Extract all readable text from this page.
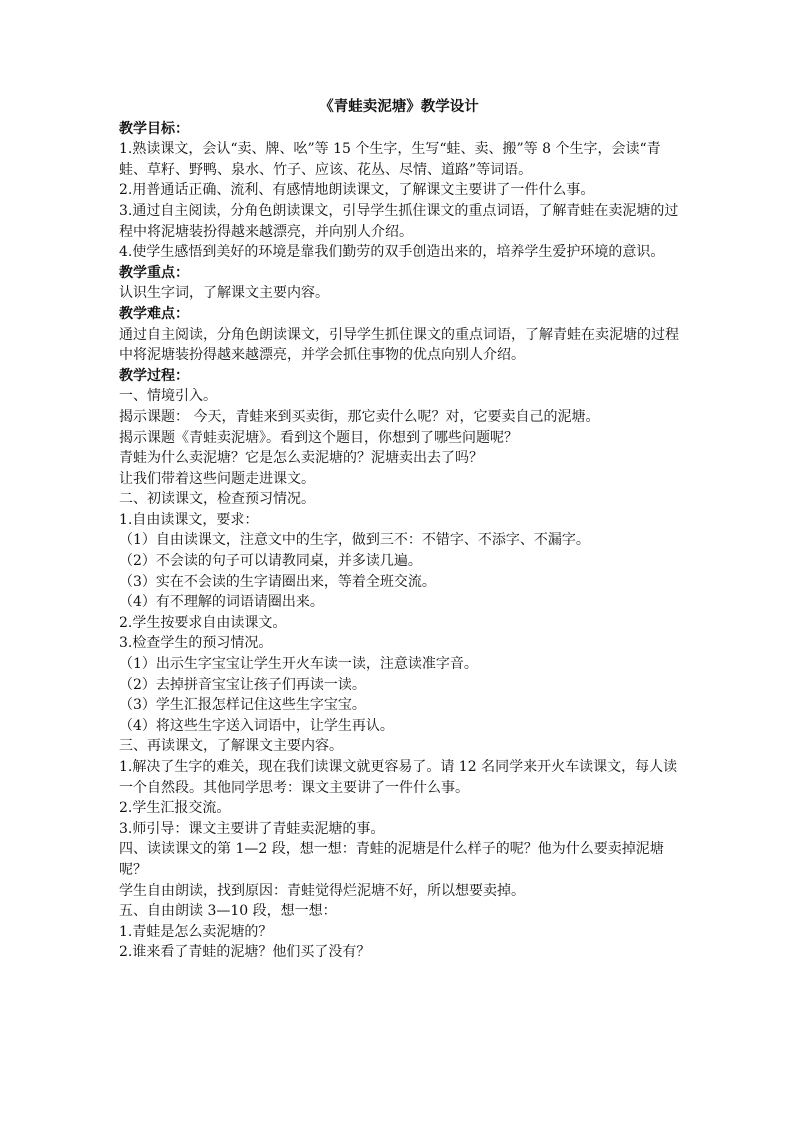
《青蛙卖泥塘》教学设计

教学目标：

1.熟读课文，会认“卖、牌、吆”等 15 个生字，生写“蛙、卖、搬”等 8 个生字，会读“青蛙、草籽、野鸭、泉水、竹子、应该、花丛、尽情、道路”等词语。

2.用普通话正确、流利、有感情地朗读课文，了解课文主要讲了一件什么事。

3.通过自主阅读，分角色朗读课文，引导学生抓住课文的重点词语，了解青蛙在卖泥塘的过程中将泥塘装扮得越来越漂亮，并向别人介绍。

4.使学生感悟到美好的环境是靠我们勤劳的双手创造出来的，培养学生爱护环境的意识。

教学重点：

认识生字词，了解课文主要内容。

教学难点：

通过自主阅读，分角色朗读课文，引导学生抓住课文的重点词语，了解青蛙在卖泥塘的过程中将泥塘装扮得越来越漂亮，并学会抓住事物的优点向别人介绍。

教学过程：

一、情境引入。

揭示课题： 今天，青蛙来到买卖街，那它卖什么呢？对，它要卖自己的泥塘。

揭示课题《青蛙卖泥塘》。看到这个题目，你想到了哪些问题呢？

青蛙为什么卖泥塘？它是怎么卖泥塘的？泥塘卖出去了吗？

让我们带着这些问题走进课文。

二、初读课文，检查预习情况。

1.自由读课文，要求：

（1）自由读课文，注意文中的生字，做到三不：不错字、不添字、不漏字。

（2）不会读的句子可以请教同桌，并多读几遍。

（3）实在不会读的生字请圈出来，等着全班交流。

（4）有不理解的词语请圈出来。

2.学生按要求自由读课文。

3.检查学生的预习情况。

（1）出示生字宝宝让学生开火车读一读，注意读准字音。

（2）去掉拼音宝宝让孩子们再读一读。

（3）学生汇报怎样记住这些生字宝宝。

（4）将这些生字送入词语中，让学生再认。

三、再读课文，了解课文主要内容。

1.解决了生字的难关，现在我们读课文就更容易了。请 12 名同学来开火车读课文，每人读一个自然段。其他同学思考：课文主要讲了一件什么事。

2.学生汇报交流。

3.师引导：课文主要讲了青蛙卖泥塘的事。

四、读读课文的第 1—2 段，想一想：青蛙的泥塘是什么样子的呢？他为什么要卖掉泥塘呢？

学生自由朗读，找到原因：青蛙觉得烂泥塘不好，所以想要卖掉。

五、自由朗读 3—10 段，想一想：

1.青蛙是怎么卖泥塘的？

2.谁来看了青蛙的泥塘？他们买了没有？
